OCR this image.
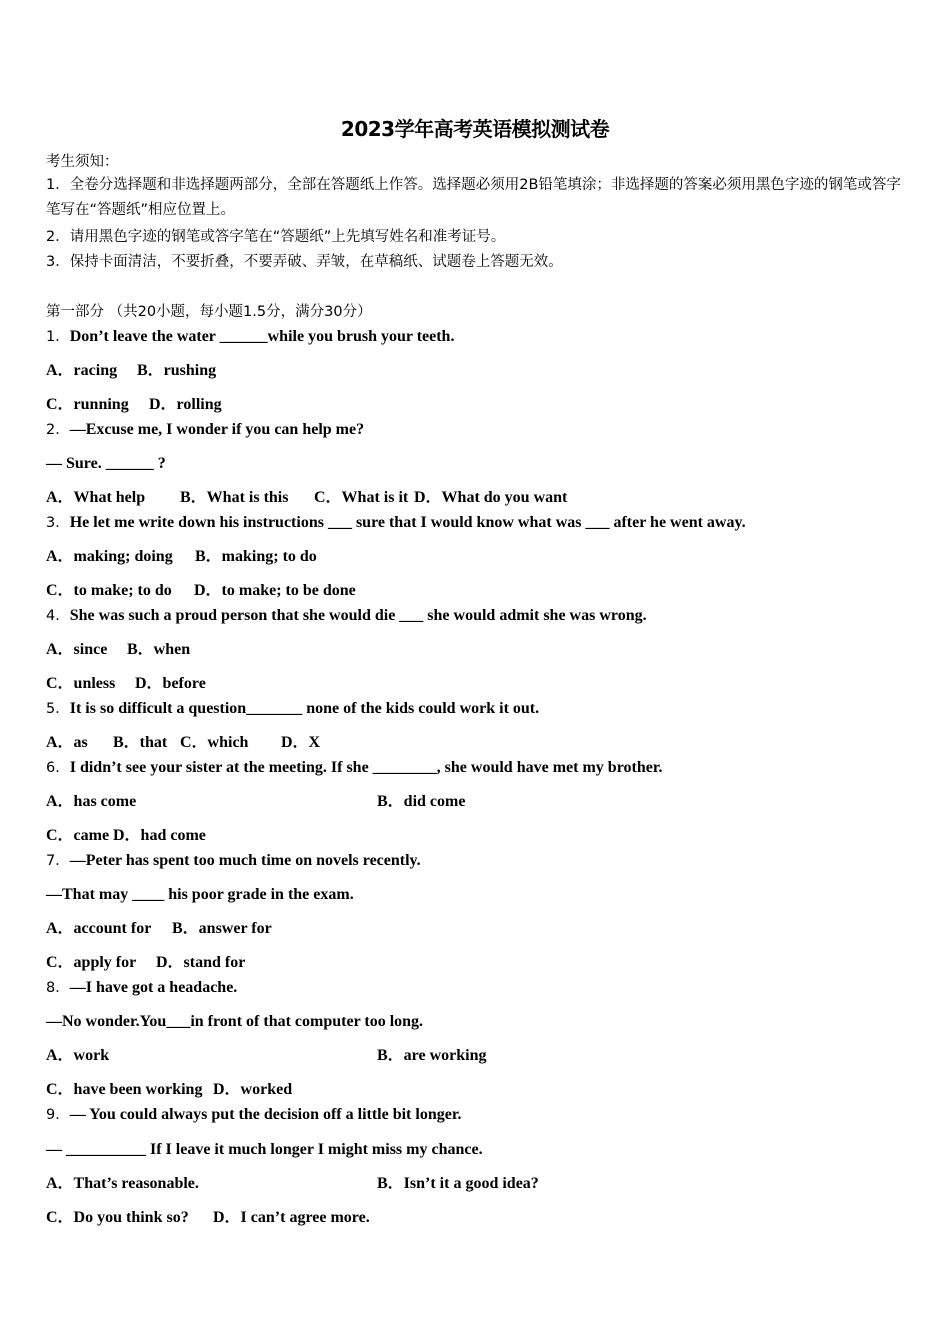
2023学年高考英语模拟测试卷
考生须知：
1．全卷分选择题和非选择题两部分，全部在答题纸上作答。选择题必须用2B铅笔填涂；非选择题的答案必须用黑色字迹的钢笔或答字笔写在“答题纸”相应位置上。
2．请用黑色字迹的钢笔或答字笔在“答题纸”上先填写姓名和准考证号。
3．保持卡面清洁，不要折叠，不要弄破、弄皱，在草稿纸、试题卷上答题无效。
第一部分 （共20小题，每小题1.5分，满分30分）
1．Don’t leave the water ______while you brush your teeth.
A．racing B．rushing
C．running D．rolling
2．—Excuse me, I wonder if you can help me?
— Sure. ______ ?
A．What help B．What is this C．What is it D．What do you want
3．He let me write down his instructions ___ sure that I would know what was ___ after he went away.
A．making; doing B．making; to do
C．to make; to do D．to make; to be done
4．She was such a proud person that she would die ___ she would admit she was wrong.
A．since B．when
C．unless D．before
5．It is so difficult a question_______ none of the kids could work it out.
A．as B．that C．which D．X
6．I didn’t see your sister at the meeting. If she ________, she would have met my brother.
A．has come	B．did come
C．came D．had come
7．—Peter has spent too much time on novels recently.
—That may ____ his poor grade in the exam.
A．account for B．answer for
C．apply for D．stand for
8．—I have got a headache.
—No wonder.You___in front of that computer too long.
A．work	B．are working
C．have been working D．worked
9．— You could always put the decision off a little bit longer.
— __________ If I leave it much longer I might miss my chance.
A．That’s reasonable.	B．Isn’t it a good idea?
C．Do you think so? D．I can’t agree more.
